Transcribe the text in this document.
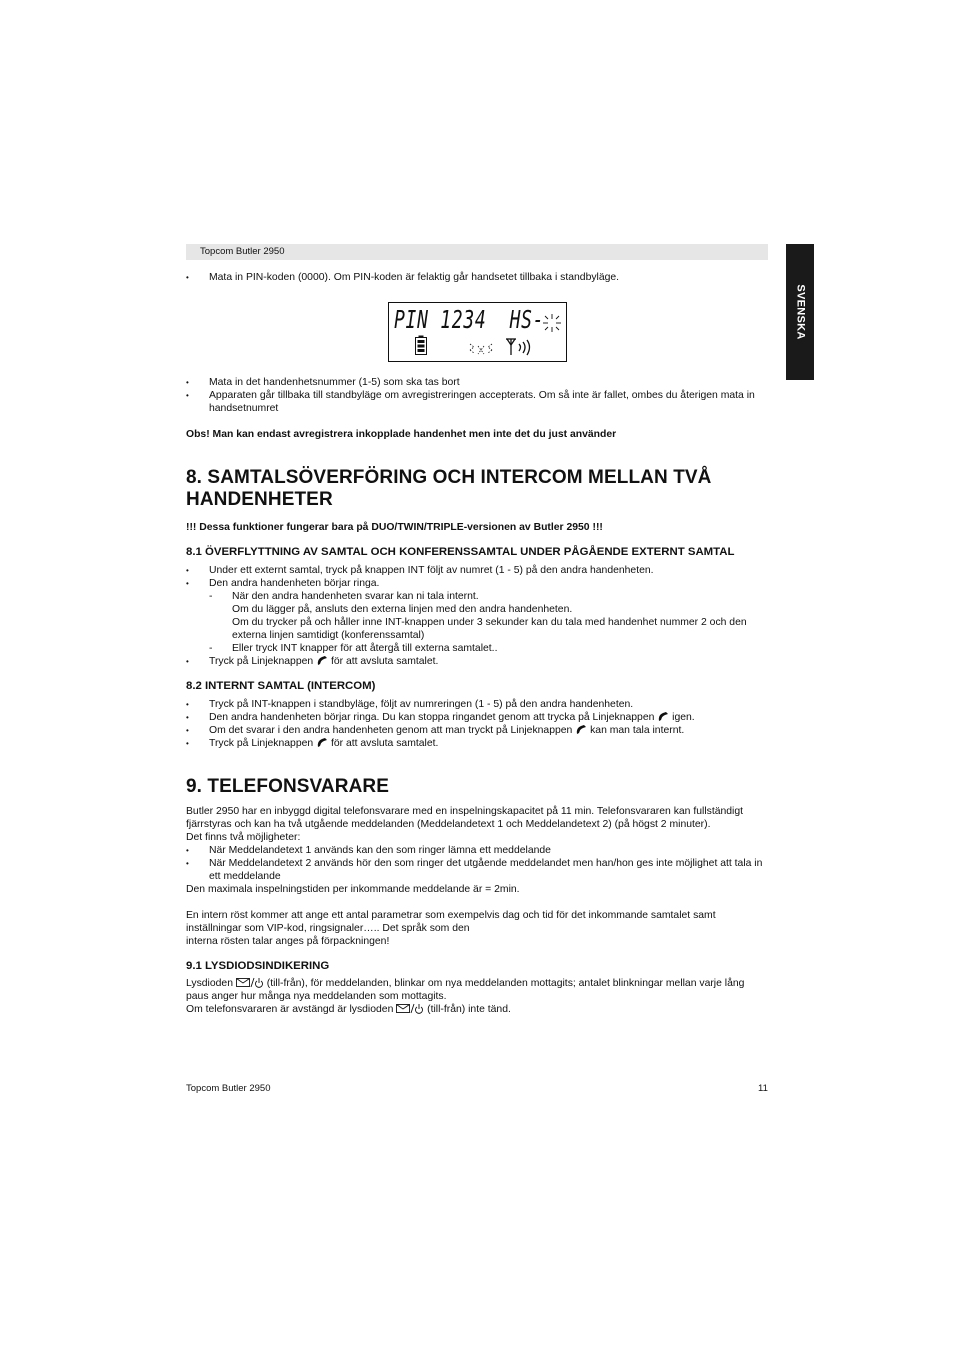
Topcom Butler 2950
SVENSKA
• Mata in PIN-koden (0000). Om PIN-koden är felaktig går handsetet tillbaka i standbyläge.
PIN 1234  HS-
• Mata in det handenhetsnummer (1-5) som ska tas bort
• Apparaten går tillbaka till standbyläge om avregistreringen accepterats. Om så inte är fallet, ombes du återigen mata in handsetnumret
Obs! Man kan endast avregistrera inkopplade handenhet men inte det du just använder
8. SAMTALSÖVERFÖRING OCH INTERCOM MELLAN TVÅ HANDENHETER
!!! Dessa funktioner fungerar bara på DUO/TWIN/TRIPLE-versionen av Butler 2950 !!!
8.1 ÖVERFLYTTNING AV SAMTAL OCH KONFERENSSAMTAL UNDER PÅGÅENDE EXTERNT SAMTAL
• Under ett externt samtal, tryck på knappen INT följt av numret (1 - 5) på den andra handenheten.
• Den andra handenheten börjar ringa.
- När den andra handenheten svarar kan ni tala internt.
Om du lägger på, ansluts den externa linjen med den andra handenheten.
Om du trycker på och håller inne INT-knappen under 3 sekunder kan du tala med handenhet nummer 2 och den externa linjen samtidigt (konferenssamtal)
- Eller tryck INT knapper för att återgå till externa samtalet..
• Tryck på Linjeknappen för att avsluta samtalet.
8.2 INTERNT SAMTAL (INTERCOM)
• Tryck på INT-knappen i standbyläge, följt av numreringen (1 - 5) på den andra handenheten.
• Den andra handenheten börjar ringa. Du kan stoppa ringandet genom att trycka på Linjeknappen igen.
• Om det svarar i den andra handenheten genom att man tryckt på Linjeknappen kan man tala internt.
• Tryck på Linjeknappen för att avsluta samtalet.
9. TELEFONSVARARE
Butler 2950 har en inbyggd digital telefonsvarare med en inspelningskapacitet på 11 min. Telefonsvararen kan fullständigt fjärrstyras och kan ha två utgående meddelanden (Meddelandetext 1 och Meddelandetext 2) (på högst 2 minuter).
Det finns två möjligheter:
• När Meddelandetext 1 används kan den som ringer lämna ett meddelande
• När Meddelandetext 2 används hör den som ringer det utgående meddelandet men han/hon ges inte möjlighet att tala in ett meddelande
Den maximala inspelningstiden per inkommande meddelande är = 2min.
En intern röst kommer att ange ett antal parametrar som exempelvis dag och tid för det inkommande samtalet samt inställningar som VIP-kod, ringsignaler….. Det språk som den
interna rösten talar anges på förpackningen!
9.1 LYSDIODSINDIKERING
Lysdioden	(till-från), för meddelanden, blinkar om nya meddelanden mottagits; antalet blinkningar mellan varje lång paus anger hur många nya meddelanden som mottagits.
Om telefonsvararen är avstängd är lysdioden	(till-från) inte tänd.
Topcom Butler 2950	11
